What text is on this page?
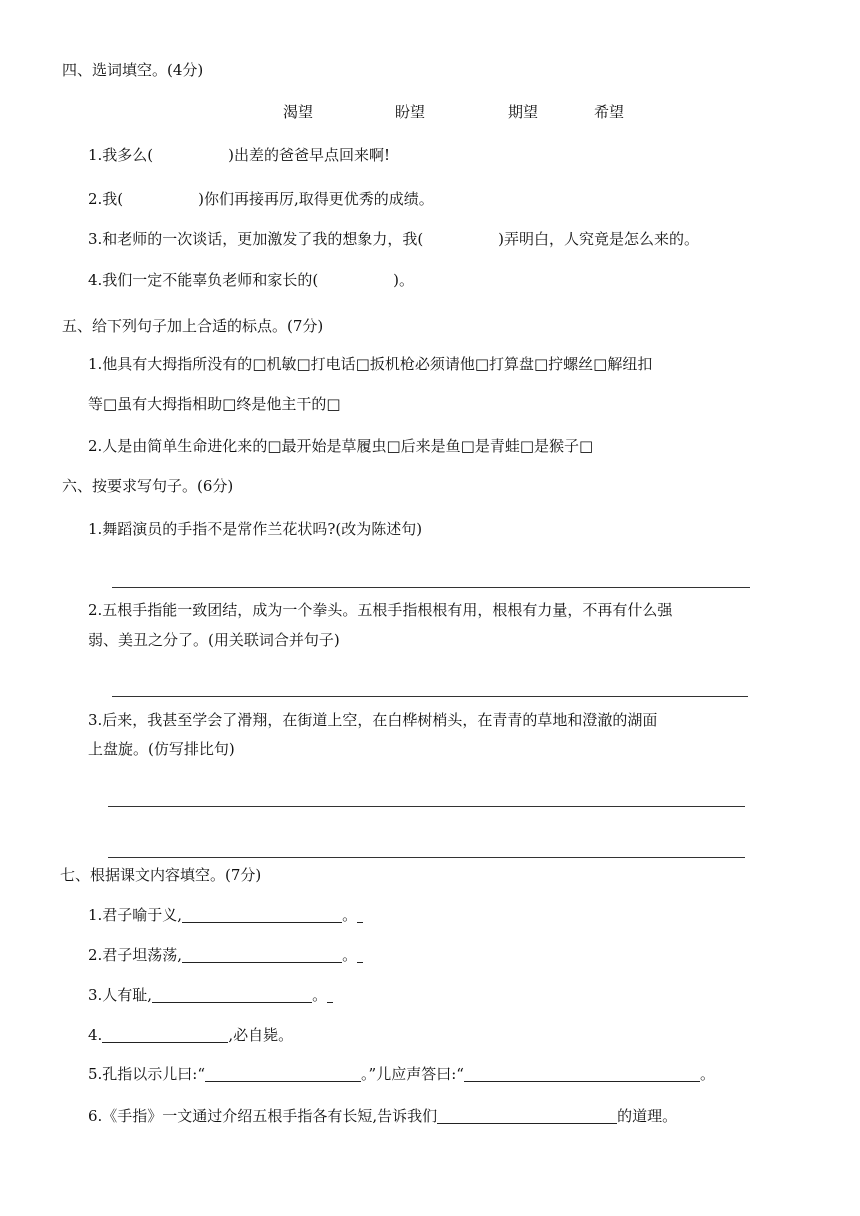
四、选词填空。(4分)
渴望	盼望	期望	希望
1.我多么(　　　　　)出差的爸爸早点回来啊!
2.我(　　　　　)你们再接再厉,取得更优秀的成绩。
3.和老师的一次谈话，更加激发了我的想象力，我(　　　　　)弄明白，人究竟是怎么来的。
4.我们一定不能辜负老师和家长的(　　　　　)。
五、给下列句子加上合适的标点。(7分)
1.他具有大拇指所没有的□机敏□打电话□扳机枪必须请他□打算盘□拧螺丝□解纽扣
等□虽有大拇指相助□终是他主干的□
2.人是由简单生命进化来的□最开始是草履虫□后来是鱼□是青蛙□是猴子□
六、按要求写句子。(6分)
1.舞蹈演员的手指不是常作兰花状吗?(改为陈述句)
2.五根手指能一致团结，成为一个拳头。五根手指根根有用，根根有力量，不再有什么强
弱、美丑之分了。(用关联词合并句子)
3.后来，我甚至学会了滑翔，在街道上空，在白桦树梢头，在青青的草地和澄澈的湖面
上盘旋。(仿写排比句)
七、根据课文内容填空。(7分)
1.君子喻于义,	。
2.君子坦荡荡,	。
3.人有耻,	。
4.	,必自毙。
5.孔指以示儿曰:“	。”儿应声答曰:“	。
6.《手指》一文通过介绍五根手指各有长短,告诉我们	的道理。
